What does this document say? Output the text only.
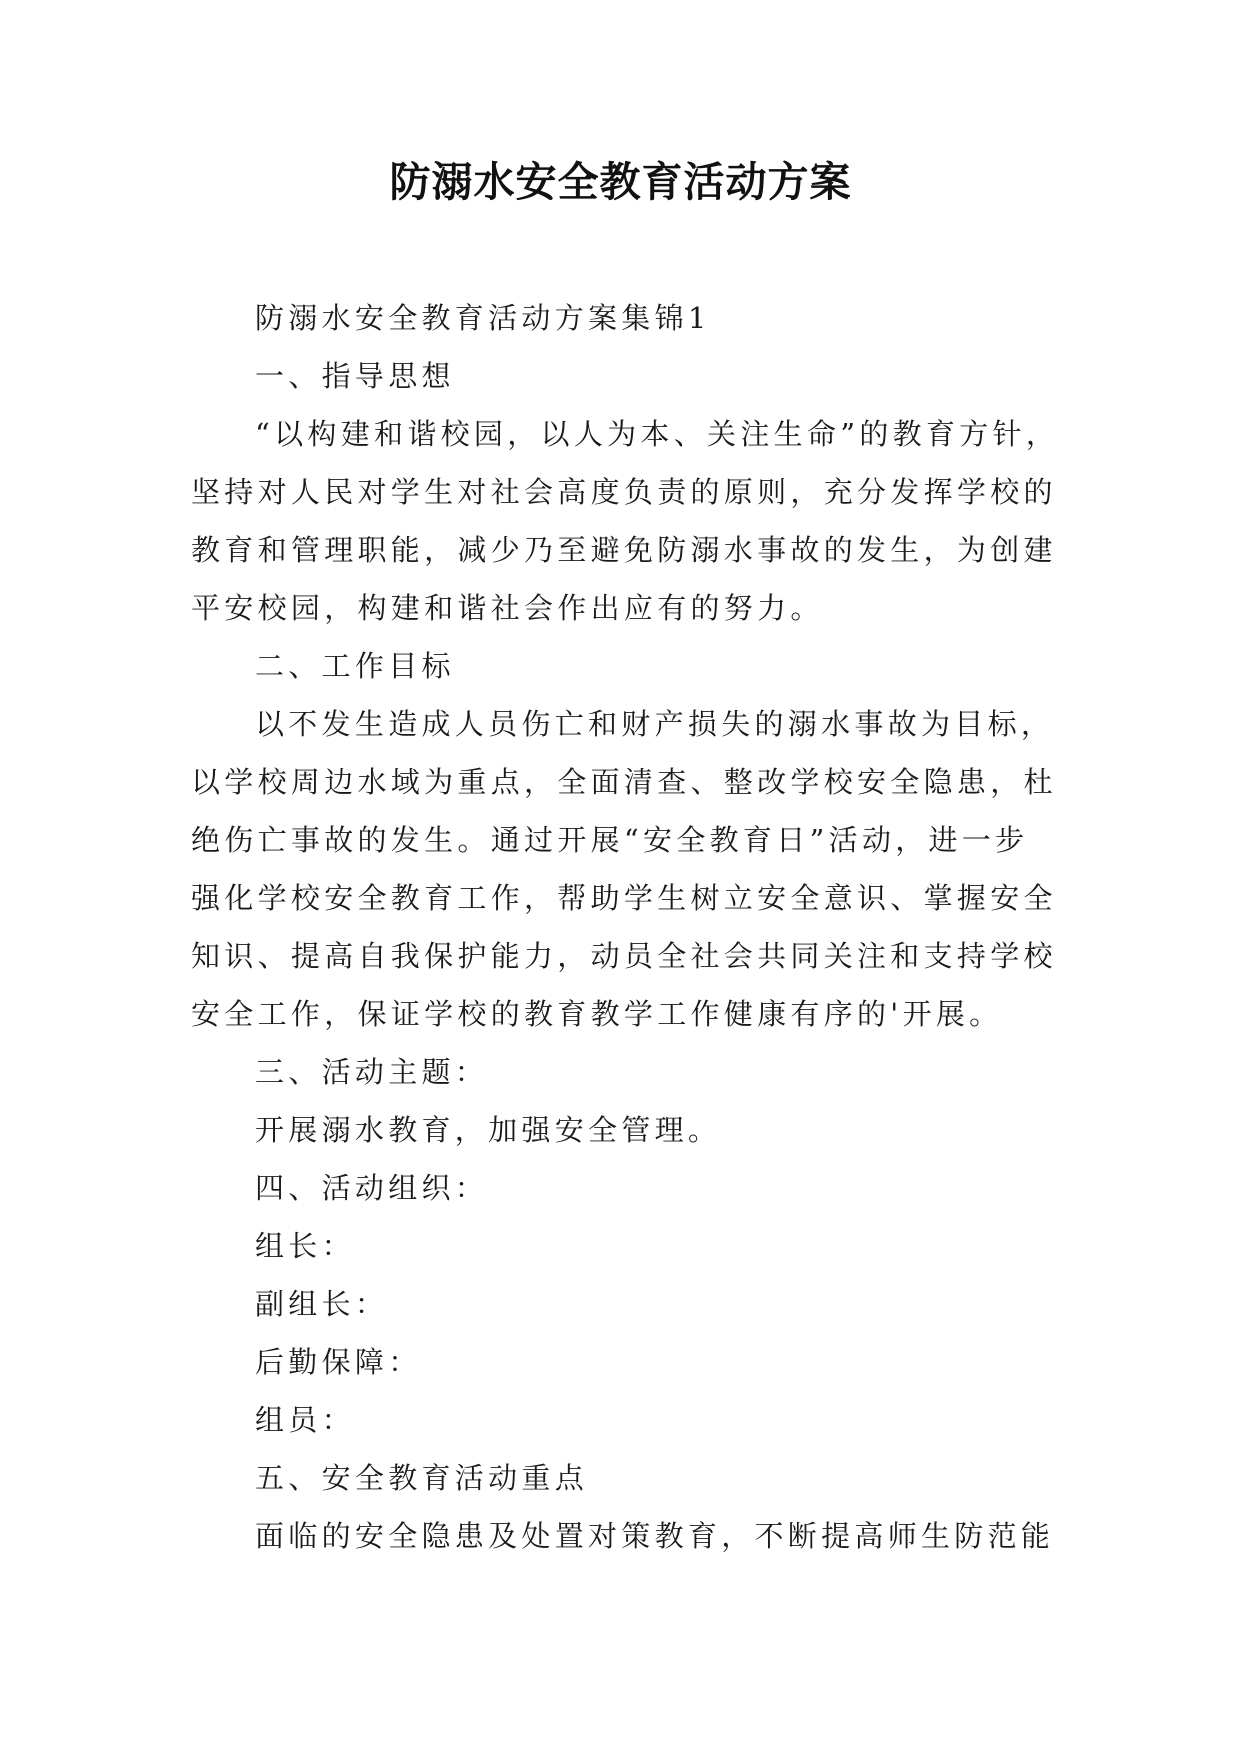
防溺水安全教育活动方案
防溺水安全教育活动方案集锦1
一、指导思想
“以构建和谐校园，以人为本、关注生命”的教育方针，
坚持对人民对学生对社会高度负责的原则，充分发挥学校的
教育和管理职能，减少乃至避免防溺水事故的发生，为创建
平安校园，构建和谐社会作出应有的努力。
二、工作目标
以不发生造成人员伤亡和财产损失的溺水事故为目标，
以学校周边水域为重点，全面清查、整改学校安全隐患，杜
绝伤亡事故的发生。通过开展“安全教育日”活动，进一步
强化学校安全教育工作，帮助学生树立安全意识、掌握安全
知识、提高自我保护能力，动员全社会共同关注和支持学校
安全工作，保证学校的教育教学工作健康有序的'开展。
三、活动主题：
开展溺水教育，加强安全管理。
四、活动组织：
组长：
副组长：
后勤保障：
组员：
五、安全教育活动重点
面临的安全隐患及处置对策教育，不断提高师生防范能
